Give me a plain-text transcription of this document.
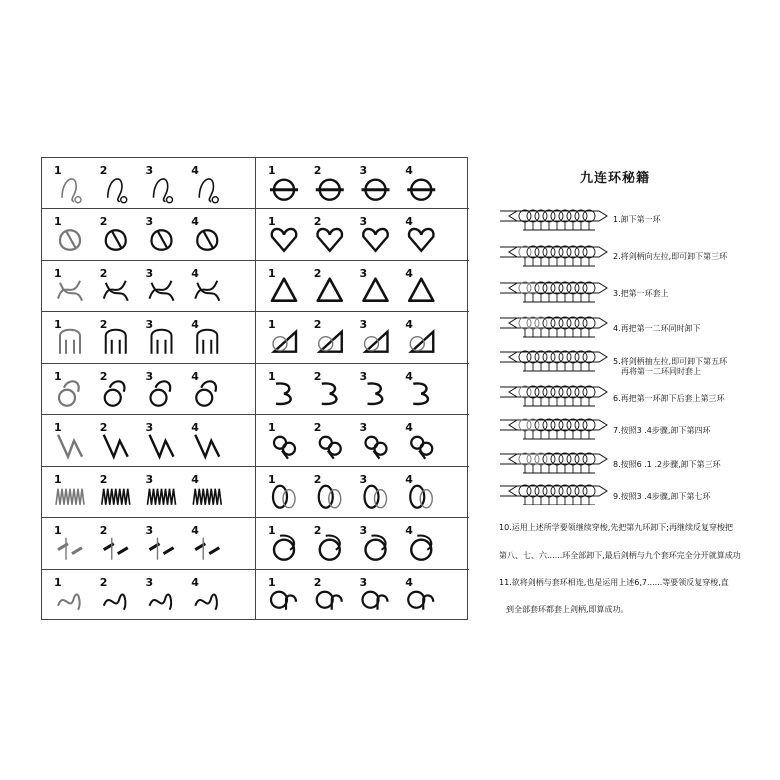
1	2	3	4
1	2	3	4
1	2	3	4
1	2	3	4
1	2	3	4
1	2	3	4
1	2	3	4
1	2	3	4
1	2	3	4
1	2	3	4
1	2	3	4
1	2	3	4
1	2	3	4
1	2	3	4
1	2	3	4
1	2	3	4
1	2	3	4
1	2	3	4
九连环秘籍
1.卸下第一环
2.将剑柄向左拉,即可卸下第三环
3.把第一环套上
4.再把第一二环同时卸下
5.将剑柄抽左拉,即可卸下第五环
再将第一二环同时套上
6.再把第一环卸下后套上第三环
7.按照3 .4步骤,卸下第四环
8.按照6 .1 .2步骤,卸下第三环
9.按照3 .4步骤,卸下第七环
10.运用上述所学要领继续穿梭,先把第九环卸下;再继续反复穿梭把
第八、七、六......环全部卸下,最后剑柄与九个套环完全分开就算成功
11.欲将剑柄与套环相连,也是运用上述6,7......等要领反复穿梭,直
到全部套环都套上剑柄,即算成功。
